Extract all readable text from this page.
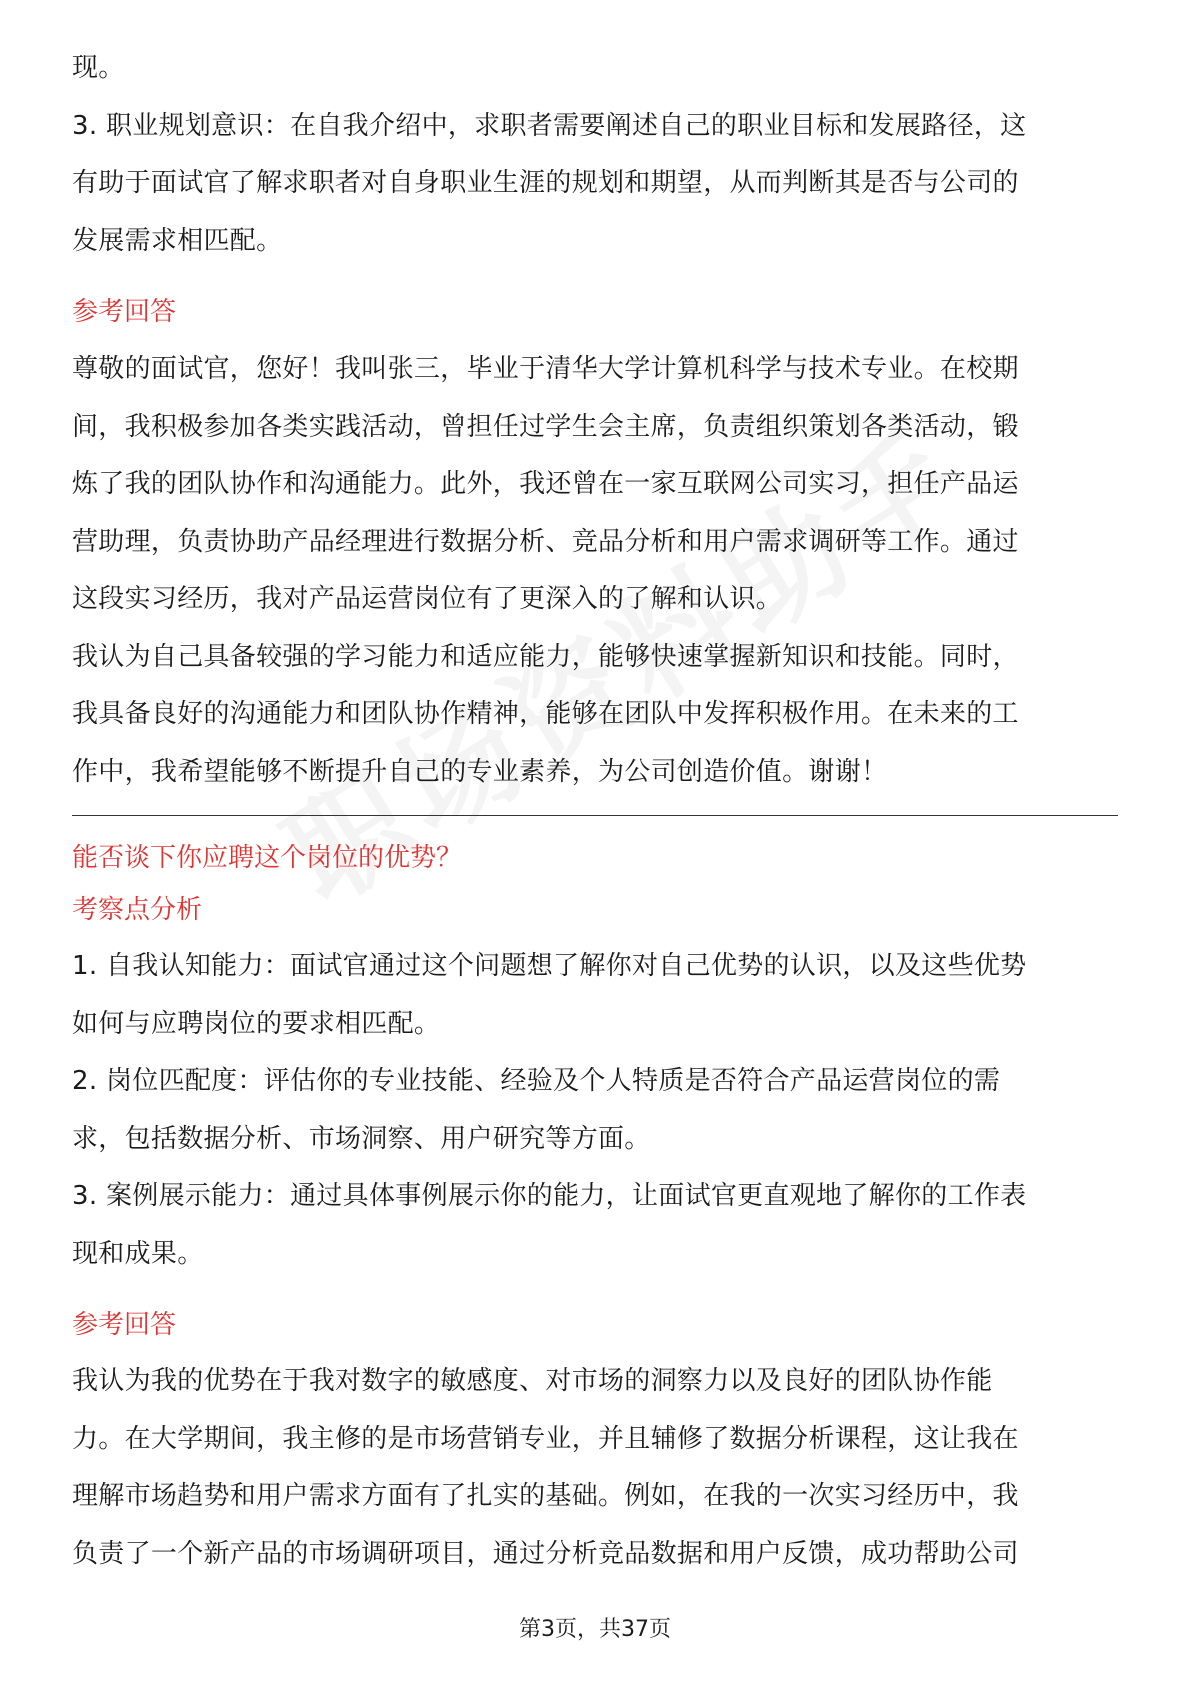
现。
3. 职业规划意识：在自我介绍中，求职者需要阐述自己的职业目标和发展路径，这
有助于面试官了解求职者对自身职业生涯的规划和期望，从而判断其是否与公司的
发展需求相匹配。
参考回答
尊敬的面试官，您好！我叫张三，毕业于清华大学计算机科学与技术专业。在校期
间，我积极参加各类实践活动，曾担任过学生会主席，负责组织策划各类活动，锻
炼了我的团队协作和沟通能力。此外，我还曾在一家互联网公司实习，担任产品运
营助理，负责协助产品经理进行数据分析、竞品分析和用户需求调研等工作。通过
这段实习经历，我对产品运营岗位有了更深入的了解和认识。
我认为自己具备较强的学习能力和适应能力，能够快速掌握新知识和技能。同时，
我具备良好的沟通能力和团队协作精神，能够在团队中发挥积极作用。在未来的工
作中，我希望能够不断提升自己的专业素养，为公司创造价值。谢谢！
能否谈下你应聘这个岗位的优势？
考察点分析
1. 自我认知能力：面试官通过这个问题想了解你对自己优势的认识，以及这些优势
如何与应聘岗位的要求相匹配。
2. 岗位匹配度：评估你的专业技能、经验及个人特质是否符合产品运营岗位的需
求，包括数据分析、市场洞察、用户研究等方面。
3. 案例展示能力：通过具体事例展示你的能力，让面试官更直观地了解你的工作表
现和成果。
参考回答
我认为我的优势在于我对数字的敏感度、对市场的洞察力以及良好的团队协作能
力。在大学期间，我主修的是市场营销专业，并且辅修了数据分析课程，这让我在
理解市场趋势和用户需求方面有了扎实的基础。例如，在我的一次实习经历中，我
负责了一个新产品的市场调研项目，通过分析竞品数据和用户反馈，成功帮助公司
第3页，共37页
